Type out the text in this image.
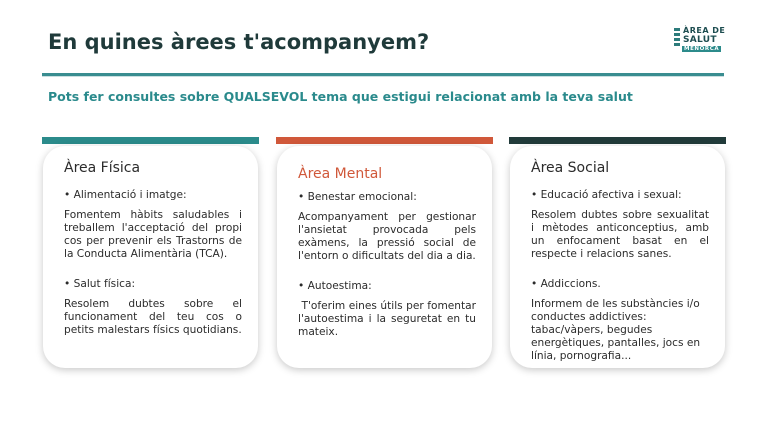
En quines àrees t'acompanyem?	ÀREA DE
SALUT
MENORCA

Pots fer consultes sobre QUALSEVOL tema que estigui relacionat amb la teva salut

Àrea Física

• Alimentació i imatge:

Fomentem hàbits saludables i treballem l'acceptació del propi cos per prevenir els Trastorns de la Conducta Alimentària (TCA).

• Salut física:

Resolem dubtes sobre el funcionament del teu cos o petits malestars físics quotidians.

Àrea Mental

• Benestar emocional:

Acompanyament per gestionar l'ansietat provocada pels exàmens, la pressió social de l'entorn o dificultats del dia a dia.

• Autoestima:

T'oferim eines útils per fomentar l'autoestima i la seguretat en tu mateix.

Àrea Social

• Educació afectiva i sexual:

Resolem dubtes sobre sexualitat i mètodes anticonceptius, amb un enfocament basat en el respecte i relacions sanes.

• Addiccions.

Informem de les substàncies i/o conductes addictives: tabac/vàpers, begudes energètiques, pantalles, jocs en línia, pornografia...
